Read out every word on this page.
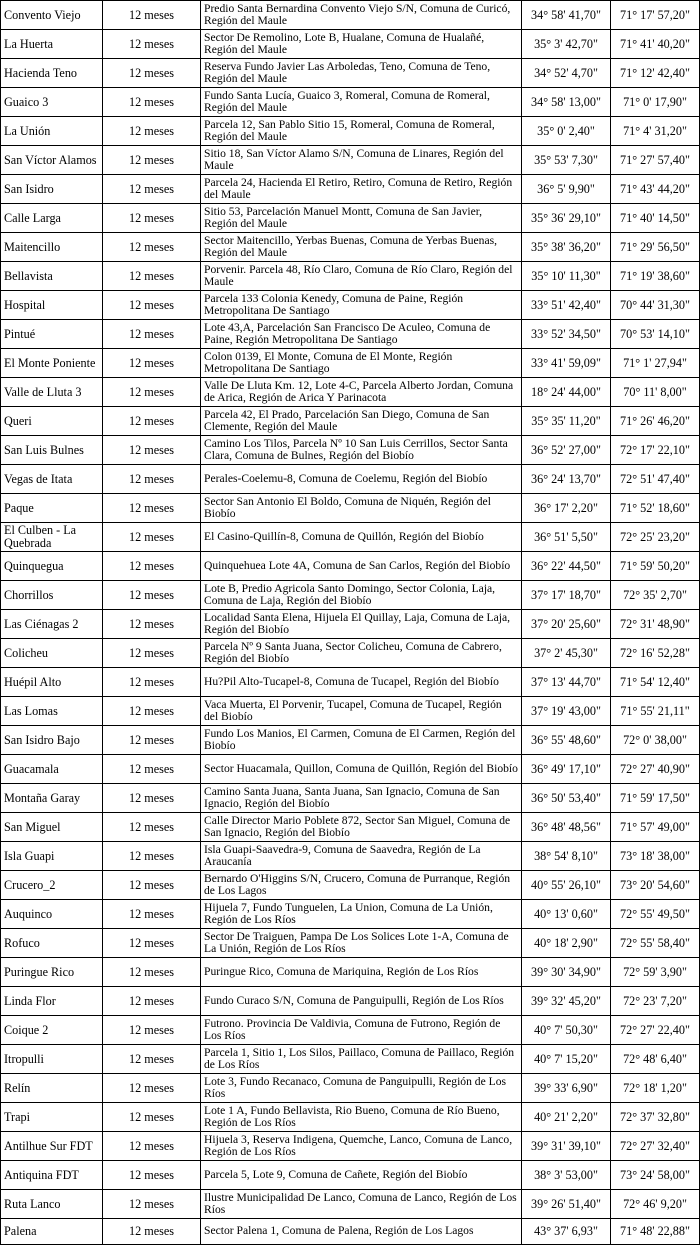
Convento Viejo	12 meses	Predio Santa Bernardina Convento Viejo S/N, Comuna de Curicó, Región del Maule	34° 58' 41,70"	71° 17' 57,20"
La Huerta	12 meses	Sector De Remolino, Lote B, Hualane, Comuna de Hualañé, Región del Maule	35° 3' 42,70"	71° 41' 40,20"
Hacienda Teno	12 meses	Reserva Fundo Javier Las Arboledas, Teno, Comuna de Teno, Región del Maule	34° 52' 4,70"	71° 12' 42,40"
Guaico 3	12 meses	Fundo Santa Lucía, Guaico 3, Romeral, Comuna de Romeral, Región del Maule	34° 58' 13,00"	71° 0' 17,90"
La Unión	12 meses	Parcela 12, San Pablo Sitio 15, Romeral, Comuna de Romeral, Región del Maule	35° 0' 2,40"	71° 4' 31,20"
San Víctor Alamos	12 meses	Sitio 18, San Víctor Alamo S/N, Comuna de Linares, Región del Maule	35° 53' 7,30"	71° 27' 57,40"
San Isidro	12 meses	Parcela 24, Hacienda El Retiro, Retiro, Comuna de Retiro, Región del Maule	36° 5' 9,90"	71° 43' 44,20"
Calle Larga	12 meses	Sitio 53, Parcelación Manuel Montt, Comuna de San Javier, Región del Maule	35° 36' 29,10"	71° 40' 14,50"
Maitencillo	12 meses	Sector Maitencillo, Yerbas Buenas, Comuna de Yerbas Buenas, Región del Maule	35° 38' 36,20"	71° 29' 56,50"
Bellavista	12 meses	Porvenir. Parcela 48, Río Claro, Comuna de Río Claro, Región del Maule	35° 10' 11,30"	71° 19' 38,60"
Hospital	12 meses	Parcela 133 Colonia Kenedy, Comuna de Paine, Región Metropolitana De Santiago	33° 51' 42,40"	70° 44' 31,30"
Pintué	12 meses	Lote 43,A, Parcelación San Francisco De Aculeo, Comuna de Paine, Región Metropolitana De Santiago	33° 52' 34,50"	70° 53' 14,10"
El Monte Poniente	12 meses	Colon 0139, El Monte, Comuna de El Monte, Región Metropolitana De Santiago	33° 41' 59,09"	71° 1' 27,94"
Valle de Lluta 3	12 meses	Valle De Lluta Km. 12, Lote 4-C, Parcela Alberto Jordan, Comuna de Arica, Región de Arica Y Parinacota	18° 24' 44,00"	70° 11' 8,00"
Queri	12 meses	Parcela 42, El Prado, Parcelación San Diego, Comuna de San Clemente, Región del Maule	35° 35' 11,20"	71° 26' 46,20"
San Luis Bulnes	12 meses	Camino Los Tilos, Parcela Nº 10 San Luis Cerrillos, Sector Santa Clara, Comuna de Bulnes, Región del Biobío	36° 52' 27,00"	72° 17' 22,10"
Vegas de Itata	12 meses	Perales-Coelemu-8, Comuna de Coelemu, Región del Biobío	36° 24' 13,70"	72° 51' 47,40"
Paque	12 meses	Sector San Antonio El Boldo, Comuna de Niquén, Región del Biobío	36° 17' 2,20"	71° 52' 18,60"
El Culben - La Quebrada	12 meses	El Casino-Quillín-8, Comuna de Quillón, Región del Biobío	36° 51' 5,50"	72° 25' 23,20"
Quinquegua	12 meses	Quinquehuea Lote 4A, Comuna de San Carlos, Región del Biobío	36° 22' 44,50"	71° 59' 50,20"
Chorrillos	12 meses	Lote B, Predio Agricola Santo Domingo, Sector Colonia, Laja, Comuna de Laja, Región del Biobío	37° 17' 18,70"	72° 35' 2,70"
Las Ciénagas 2	12 meses	Localidad Santa Elena, Hijuela El Quillay, Laja, Comuna de Laja, Región del Biobío	37° 20' 25,60"	72° 31' 48,90"
Colicheu	12 meses	Parcela Nº 9 Santa Juana, Sector Colicheu, Comuna de Cabrero, Región del Biobío	37° 2' 45,30"	72° 16' 52,28"
Huépil Alto	12 meses	Hu?Pil Alto-Tucapel-8, Comuna de Tucapel, Región del Biobío	37° 13' 44,70"	71° 54' 12,40"
Las Lomas	12 meses	Vaca Muerta, El Porvenir, Tucapel, Comuna de Tucapel, Región del Biobío	37° 19' 43,00"	71° 55' 21,11"
San Isidro Bajo	12 meses	Fundo Los Manios, El Carmen, Comuna de El Carmen, Región del Biobío	36° 55' 48,60"	72° 0' 38,00"
Guacamala	12 meses	Sector Huacamala, Quillon, Comuna de Quillón, Región del Biobío	36° 49' 17,10"	72° 27' 40,90"
Montaña Garay	12 meses	Camino Santa Juana, Santa Juana, San Ignacio, Comuna de San Ignacio, Región del Biobío	36° 50' 53,40"	71° 59' 17,50"
San Miguel	12 meses	Calle Director Mario Poblete 872, Sector San Miguel, Comuna de San Ignacio, Región del Biobío	36° 48' 48,56"	71° 57' 49,00"
Isla Guapi	12 meses	Isla Guapi-Saavedra-9, Comuna de Saavedra, Región de La Araucanía	38° 54' 8,10"	73° 18' 38,00"
Crucero_2	12 meses	Bernardo O'Higgins S/N, Crucero, Comuna de Purranque, Región de Los Lagos	40° 55' 26,10"	73° 20' 54,60"
Auquinco	12 meses	Hijuela 7, Fundo Tunguelen, La Union, Comuna de La Unión, Región de Los Ríos	40° 13' 0,60"	72° 55' 49,50"
Rofuco	12 meses	Sector De Traiguen, Pampa De Los Solices Lote 1-A, Comuna de La Unión, Región de Los Ríos	40° 18' 2,90"	72° 55' 58,40"
Puringue Rico	12 meses	Puringue Rico, Comuna de Mariquina, Región de Los Ríos	39° 30' 34,90"	72° 59' 3,90"
Linda Flor	12 meses	Fundo Curaco S/N, Comuna de Panguipulli, Región de Los Ríos	39° 32' 45,20"	72° 23' 7,20"
Coique 2	12 meses	Futrono. Provincia De Valdivia, Comuna de Futrono, Región de Los Ríos	40° 7' 50,30"	72° 27' 22,40"
Itropulli	12 meses	Parcela 1, Sitio 1, Los Silos, Paillaco, Comuna de Paillaco, Región de Los Ríos	40° 7' 15,20"	72° 48' 6,40"
Relín	12 meses	Lote 3, Fundo Recanaco, Comuna de Panguipulli, Región de Los Ríos	39° 33' 6,90"	72° 18' 1,20"
Trapi	12 meses	Lote 1 A, Fundo Bellavista, Rio Bueno, Comuna de Río Bueno, Región de Los Ríos	40° 21' 2,20"	72° 37' 32,80"
Antilhue Sur FDT	12 meses	Hijuela 3, Reserva Indigena, Quemche, Lanco, Comuna de Lanco, Región de Los Ríos	39° 31' 39,10"	72° 27' 32,40"
Antiquina FDT	12 meses	Parcela 5, Lote 9, Comuna de Cañete, Región del Biobío	38° 3' 53,00"	73° 24' 58,00"
Ruta Lanco	12 meses	Ilustre Municipalidad De Lanco, Comuna de Lanco, Región de Los Ríos	39° 26' 51,40"	72° 46' 9,20"
Palena	12 meses	Sector Palena 1, Comuna de Palena, Región de Los Lagos	43° 37' 6,93"	71° 48' 22,88"
